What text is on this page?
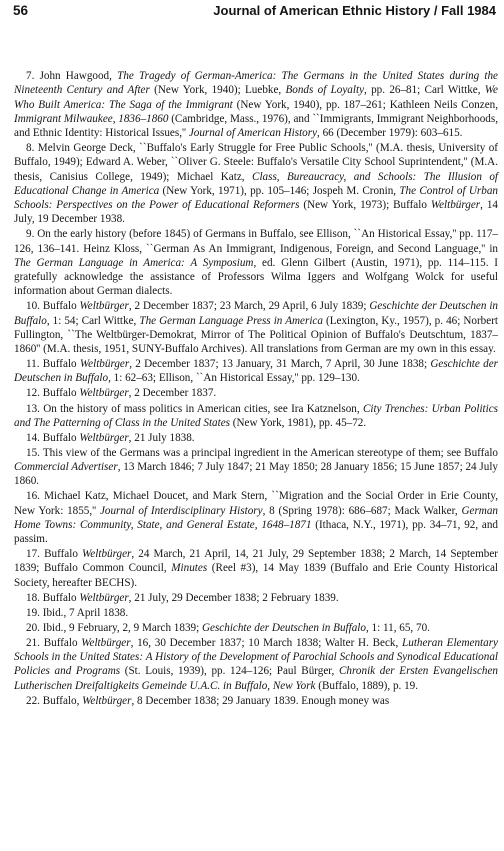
56	Journal of American Ethnic History / Fall 1984

7. John Hawgood, The Tragedy of German-America: The Germans in the United States during the Nineteenth Century and After (New York, 1940); Luebke, Bonds of Loyalty, pp. 26–81; Carl Wittke, We Who Built America: The Saga of the Immigrant (New York, 1940), pp. 187–261; Kathleen Neils Conzen, Immigrant Milwaukee, 1836–1860 (Cambridge, Mass., 1976), and ``Immigrants, Immigrant Neighborhoods, and Ethnic Identity: Historical Issues,'' Journal of American History, 66 (December 1979): 603–615.

8. Melvin George Deck, ``Buffalo's Early Struggle for Free Public Schools,'' (M.A. thesis, University of Buffalo, 1949); Edward A. Weber, ``Oliver G. Steele: Buffalo's Versatile City School Suprintendent,'' (M.A. thesis, Canisius College, 1949); Michael Katz, Class, Bureaucracy, and Schools: The Illusion of Educational Change in America (New York, 1971), pp. 105–146; Jospeh M. Cronin, The Control of Urban Schools: Perspectives on the Power of Educational Reformers (New York, 1973); Buffalo Weltbürger, 14 July, 19 December 1938.

9. On the early history (before 1845) of Germans in Buffalo, see Ellison, ``An Historical Essay,'' pp. 117–126, 136–141. Heinz Kloss, ``German As An Immigrant, Indigenous, Foreign, and Second Language,'' in The German Language in America: A Symposium, ed. Glenn Gilbert (Austin, 1971), pp. 114–115. I gratefully acknowledge the assistance of Professors Wilma Iggers and Wolfgang Wolck for useful information about German dialects.

10. Buffalo Weltbürger, 2 December 1837; 23 March, 29 April, 6 July 1839; Geschichte der Deutschen in Buffalo, 1: 54; Carl Wittke, The German Language Press in America (Lexington, Ky., 1957), p. 46; Norbert Fullington, ``The Weltbürger-Demokrat, Mirror of The Political Opinion of Buffalo's Deutschtum, 1837–1860'' (M.A. thesis, 1951, SUNY-Buffalo Archives). All translations from German are my own in this essay.

11. Buffalo Weltbürger, 2 December 1837; 13 January, 31 March, 7 April, 30 June 1838; Geschichte der Deutschen in Buffalo, 1: 62–63; Ellison, ``An Historical Essay,'' pp. 129–130.

12. Buffalo Weltbürger, 2 December 1837.

13. On the history of mass politics in American cities, see Ira Katznelson, City Trenches: Urban Politics and The Patterning of Class in the United States (New York, 1981), pp. 45–72.

14. Buffalo Weltbürger, 21 July 1838.

15. This view of the Germans was a principal ingredient in the American stereotype of them; see Buffalo Commercial Advertiser, 13 March 1846; 7 July 1847; 21 May 1850; 28 January 1856; 15 June 1857; 24 July 1860.

16. Michael Katz, Michael Doucet, and Mark Stern, ``Migration and the Social Order in Erie County, New York: 1855,'' Journal of Interdisciplinary History, 8 (Spring 1978): 686–687; Mack Walker, German Home Towns: Community, State, and General Estate, 1648–1871 (Ithaca, N.Y., 1971), pp. 34–71, 92, and passim.

17. Buffalo Weltbürger, 24 March, 21 April, 14, 21 July, 29 September 1838; 2 March, 14 September 1839; Buffalo Common Council, Minutes (Reel #3), 14 May 1839 (Buffalo and Erie County Historical Society, hereafter BECHS).

18. Buffalo Weltbürger, 21 July, 29 December 1838; 2 February 1839.

19. Ibid., 7 April 1838.

20. Ibid., 9 February, 2, 9 March 1839; Geschichte der Deutschen in Buffalo, 1: 11, 65, 70.

21. Buffalo Weltbürger, 16, 30 December 1837; 10 March 1838; Walter H. Beck, Lutheran Elementary Schools in the United States: A History of the Development of Parochial Schools and Synodical Educational Policies and Programs (St. Louis, 1939), pp. 124–126; Paul Bürger, Chronik der Ersten Evangelischen Lutherischen Dreifaltigkeits Gemeinde U.A.C. in Buffalo, New York (Buffalo, 1889), p. 19.

22. Buffalo, Weltbürger, 8 December 1838; 29 January 1839. Enough money was
